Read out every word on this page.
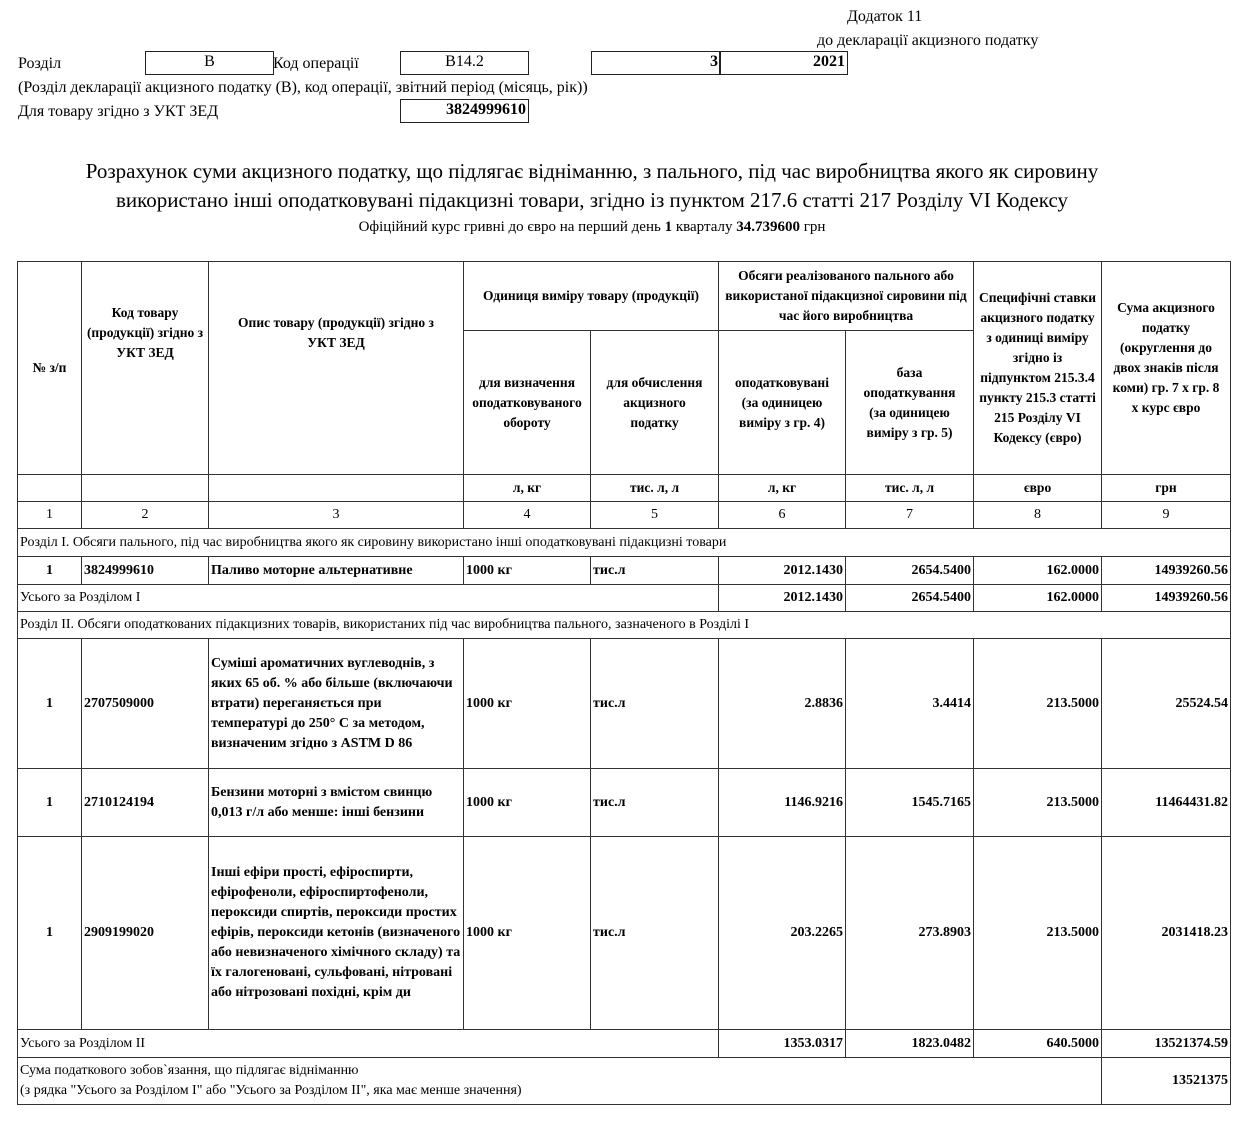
Додаток 11
до декларації акцизного податку
Розділ	B	Код операції	B14.2	3	2021
(Розділ декларації акцизного податку (В), код операції, звітний період (місяць, рік))
Для товару згідно з УКТ ЗЕД	3824999610
Розрахунок суми акцизного податку, що підлягає відніманню, з пального, під час виробництва якого як сировину
використано інші оподатковувані підакцизні товари, згідно із пунктом 217.6 статті 217 Розділу VI Кодексу
Офіційний курс гривні до євро на перший день 1 кварталу 34.739600 грн
№ з/п	Код товару (продукції) згідно з УКТ ЗЕД	Опис товару (продукції) згідно з УКТ ЗЕД	Одиниця виміру товару (продукції)		Обсяги реалізованого пального або використаної підакцизної сировини під час його виробництва		Специфічні ставки акцизного податку з одиниці виміру згідно із підпунктом 215.3.4 пункту 215.3 статті 215 Розділу VI Кодексу (євро)	Сума акцизного податку (округлення до двох знаків після коми) гр. 7 х гр. 8 х курс євро
			для визначення оподатковуваного обороту	для обчислення акцизного податку	оподатковувані (за одиницею виміру з гр. 4)	база оподаткування (за одиницею виміру з гр. 5)		
			л, кг	тис. л, л	л, кг	тис. л, л	євро	грн
1	2	3	4	5	6	7	8	9
Розділ I. Обсяги пального, під час виробництва якого як сировину використано інші оподатковувані підакцизні товари								
1	3824999610	Паливо моторне альтернативне	1000 кг	тис.л	2012.1430	2654.5400	162.0000	14939260.56
Усього за Розділом I					2012.1430	2654.5400	162.0000	14939260.56
Розділ II. Обсяги оподаткованих підакцизних товарів, використаних під час виробництва пального, зазначеного в Розділі I								
1	2707509000	Суміші ароматичних вуглеводнів, з яких 65 об. % або більше (включаючи втрати) переганяється при температурі до 250° С за методом, визначеним згідно з ASTM D 86	1000 кг	тис.л	2.8836	3.4414	213.5000	25524.54
1	2710124194	Бензини моторні з вмістом свинцю 0,013 г/л або менше: інші бензини	1000 кг	тис.л	1146.9216	1545.7165	213.5000	11464431.82
1	2909199020	Інші ефіри прості, ефіроспирти, ефірофеноли, ефіроспиртофеноли, пероксиди спиртів, пероксиди простих ефірів, пероксиди кетонів (визначеного або невизначеного хімічного складу) та їх галогеновані, сульфовані, нітровані або нітрозовані похідні, крім ди	1000 кг	тис.л	203.2265	273.8903	213.5000	2031418.23
Усього за Розділом II					1353.0317	1823.0482	640.5000	13521374.59

Сума податкового зобов`язання, що підлягає відніманню
(з рядка "Усього за Розділом I" або "Усього за Розділом II", яка має менше значення)								13521375
